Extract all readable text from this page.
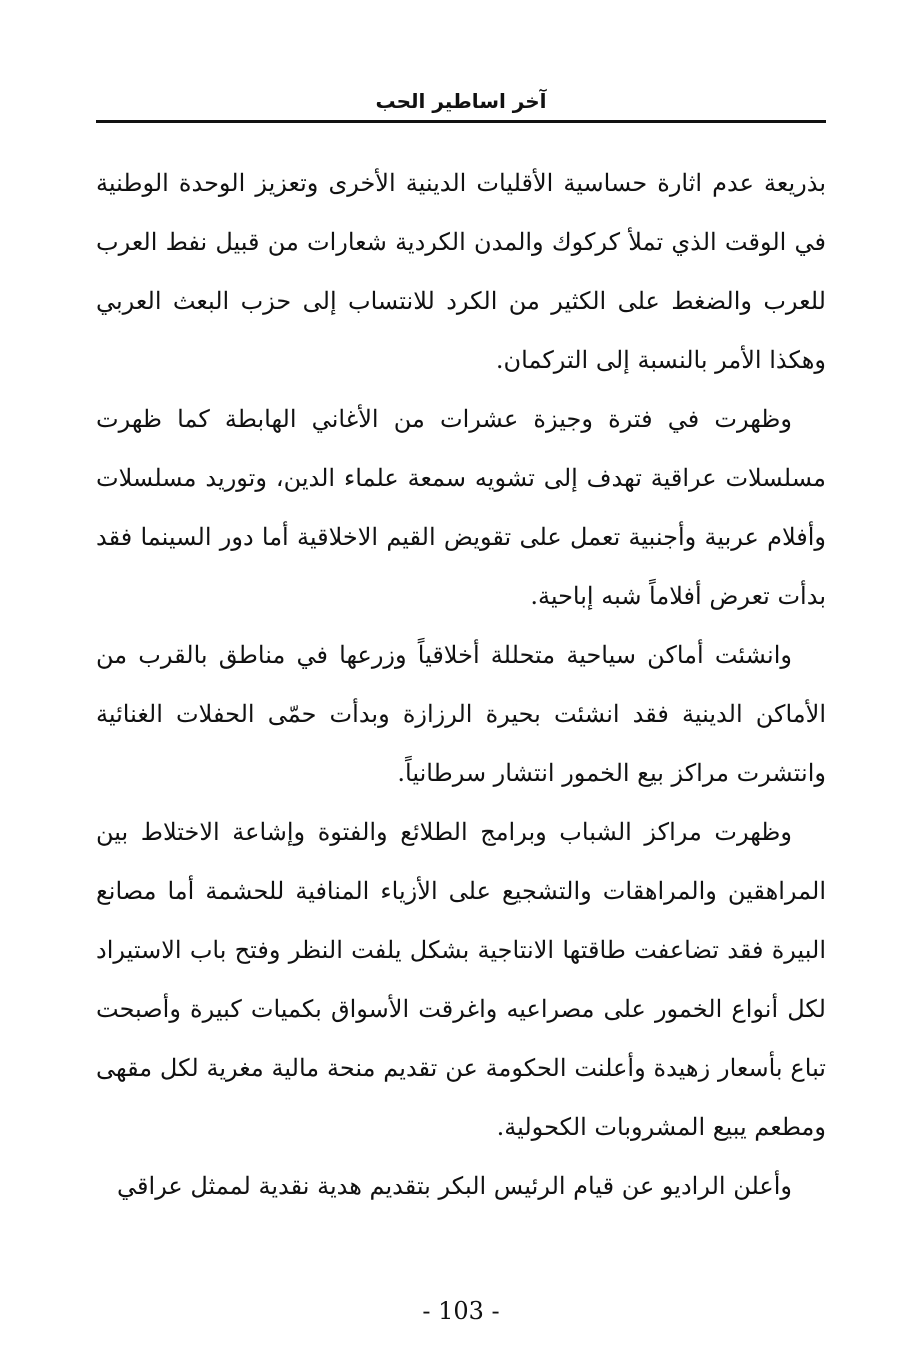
آخر اساطير الحب

بذريعة عدم اثارة حساسية الأقليات الدينية الأخرى وتعزيز الوحدة الوطنية في الوقت الذي تملأ كركوك والمدن الكردية شعارات من قبيل نفط العرب للعرب والضغط على الكثير من الكرد للانتساب إلى حزب البعث العربي وهكذا الأمر بالنسبة إلى التركمان.

وظهرت في فترة وجيزة عشرات من الأغاني الهابطة كما ظهرت مسلسلات عراقية تهدف إلى تشويه سمعة علماء الدين، وتوريد مسلسلات وأفلام عربية وأجنبية تعمل على تقويض القيم الاخلاقية أما دور السينما فقد بدأت تعرض أفلاماً شبه إباحية.

وانشئت أماكن سياحية متحللة أخلاقياً وزرعها في مناطق بالقرب من الأماكن الدينية فقد انشئت بحيرة الرزازة وبدأت حمّى الحفلات الغنائية وانتشرت مراكز بيع الخمور انتشار سرطانياً.

وظهرت مراكز الشباب وبرامج الطلائع والفتوة وإشاعة الاختلاط بين المراهقين والمراهقات والتشجيع على الأزياء المنافية للحشمة أما مصانع البيرة فقد تضاعفت طاقتها الانتاجية بشكل يلفت النظر وفتح باب الاستيراد لكل أنواع الخمور على مصراعيه واغرقت الأسواق بكميات كبيرة وأصبحت تباع بأسعار زهيدة وأعلنت الحكومة عن تقديم منحة مالية مغرية لكل مقهى ومطعم يبيع المشروبات الكحولية.

وأعلن الراديو عن قيام الرئيس البكر بتقديم هدية نقدية لممثل عراقي

- 103 -
